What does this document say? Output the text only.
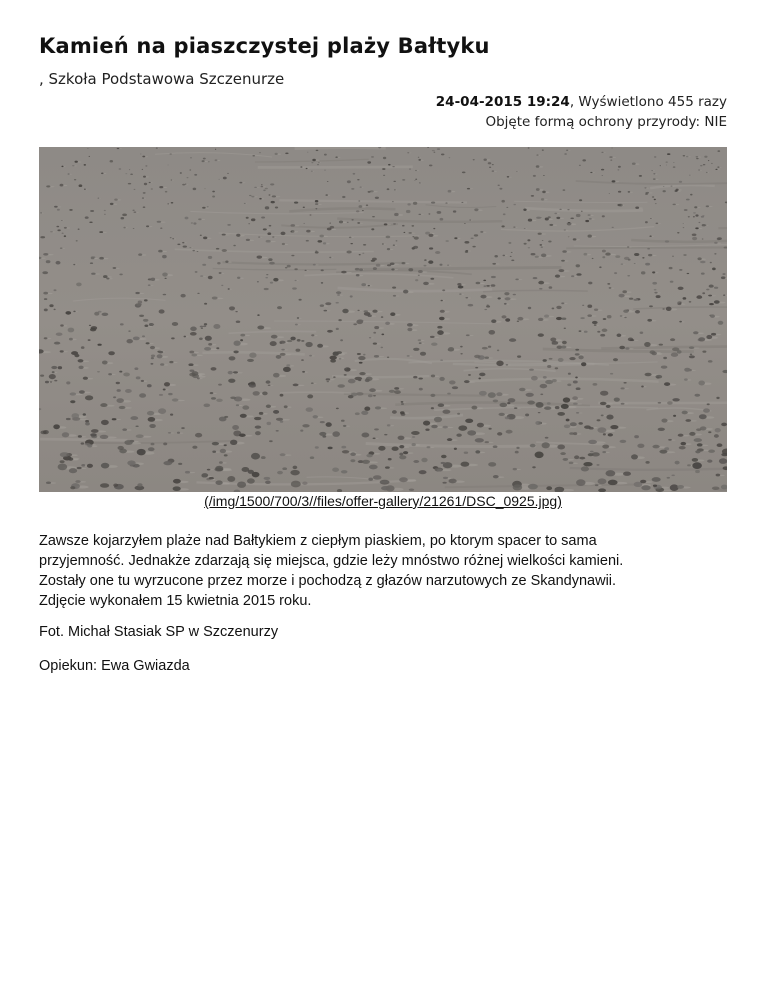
Kamień na piaszczystej plaży Bałtyku
, Szkoła Podstawowa Szczenurze
24-04-2015 19:24, Wyświetlono 455 razy
Objęte formą ochrony przyrody: NIE
(/img/1500/700/3//files/offer-gallery/21261/DSC_0925.jpg)

Zawsze kojarzyłem plaże nad Bałtykiem z ciepłym piaskiem, po ktorym spacer to sama
przyjemność. Jednakże zdarzają się miejsca, gdzie leży mnóstwo różnej wielkości kamieni.
Zostały one tu wyrzucone przez morze i pochodzą z głazów narzutowych ze Skandynawii.
Zdjęcie wykonałem 15 kwietnia 2015 roku.

Fot. Michał Stasiak SP w Szczenurzy
Opiekun: Ewa Gwiazda
